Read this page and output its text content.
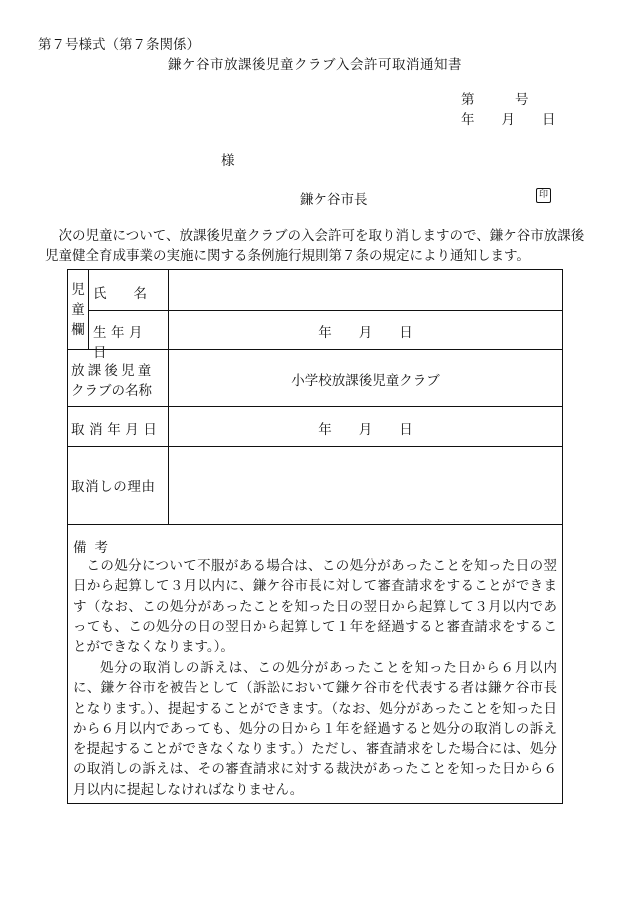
第７号様式（第７条関係）
鎌ケ谷市放課後児童クラブ入会許可取消通知書
第　　　号
年　　月　　日
様
鎌ケ谷市長	印

次の児童について、放課後児童クラブの入会許可を取り消しますので、鎌ケ谷市放課後児童健全育成事業の実施に関する条例施行規則第７条の規定により通知します。

児童欄
氏　　名
生年月日
年　　月　　日
放課後児童
クラブの名称
小学校放課後児童クラブ
取消年月日	年　　月　　日
取消しの理由
備考

この処分について不服がある場合は、この処分があったことを知った日の翌日から起算して３月以内に、鎌ケ谷市長に対して審査請求をすることができます（なお、この処分があったことを知った日の翌日から起算して３月以内であっても、この処分の日の翌日から起算して１年を経過すると審査請求をすることができなくなります。）。

処分の取消しの訴えは、この処分があったことを知った日から６月以内に、鎌ケ谷市を被告として（訴訟において鎌ケ谷市を代表する者は鎌ケ谷市長となります。）、提起することができます。（なお、処分があったことを知った日から６月以内であっても、処分の日から１年を経過すると処分の取消しの訴えを提起することができなくなります。）ただし、審査請求をした場合には、処分の取消しの訴えは、その審査請求に対する裁決があったことを知った日から６月以内に提起しなければなりません。
